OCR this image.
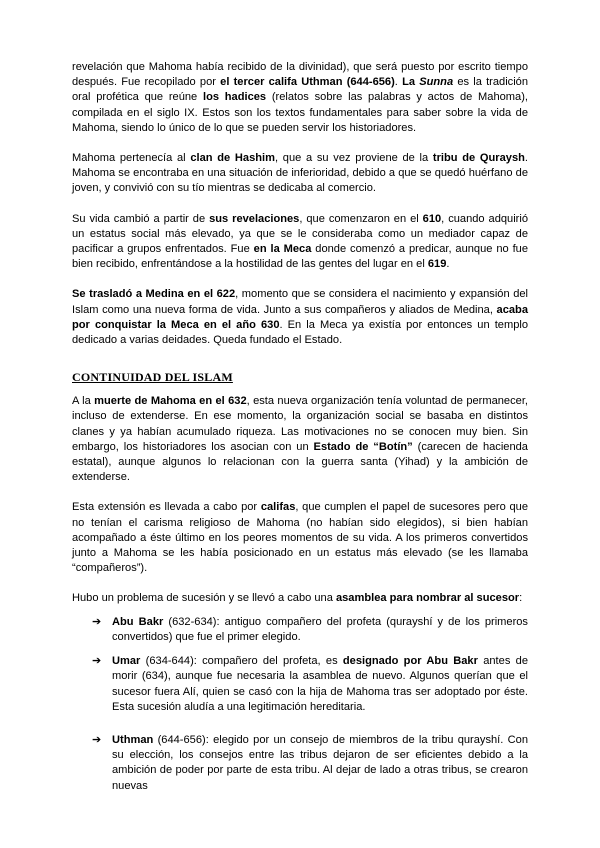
revelación que Mahoma había recibido de la divinidad), que será puesto por escrito tiempo después. Fue recopilado por el tercer califa Uthman (644-656). La Sunna es la tradición oral profética que reúne los hadices (relatos sobre las palabras y actos de Mahoma), compilada en el siglo IX. Estos son los textos fundamentales para saber sobre la vida de Mahoma, siendo lo único de lo que se pueden servir los historiadores.

Mahoma pertenecía al clan de Hashim, que a su vez proviene de la tribu de Quraysh. Mahoma se encontraba en una situación de inferioridad, debido a que se quedó huérfano de joven, y convivió con su tío mientras se dedicaba al comercio.

Su vida cambió a partir de sus revelaciones, que comenzaron en el 610, cuando adquirió un estatus social más elevado, ya que se le consideraba como un mediador capaz de pacificar a grupos enfrentados. Fue en la Meca donde comenzó a predicar, aunque no fue bien recibido, enfrentándose a la hostilidad de las gentes del lugar en el 619.

Se trasladó a Medina en el 622, momento que se considera el nacimiento y expansión del Islam como una nueva forma de vida. Junto a sus compañeros y aliados de Medina, acaba por conquistar la Meca en el año 630. En la Meca ya existía por entonces un templo dedicado a varias deidades. Queda fundado el Estado.

CONTINUIDAD DEL ISLAM

A la muerte de Mahoma en el 632, esta nueva organización tenía voluntad de permanecer, incluso de extenderse. En ese momento, la organización social se basaba en distintos clanes y ya habían acumulado riqueza. Las motivaciones no se conocen muy bien. Sin embargo, los historiadores los asocian con un Estado de “Botín” (carecen de hacienda estatal), aunque algunos lo relacionan con la guerra santa (Yihad) y la ambición de extenderse.

Esta extensión es llevada a cabo por califas, que cumplen el papel de sucesores pero que no tenían el carisma religioso de Mahoma (no habían sido elegidos), si bien habían acompañado a éste último en los peores momentos de su vida. A los primeros convertidos junto a Mahoma se les había posicionado en un estatus más elevado (se les llamaba “compañeros”).

Hubo un problema de sucesión y se llevó a cabo una asamblea para nombrar al sucesor:

➔ Abu Bakr (632-634): antiguo compañero del profeta (qurayshí y de los primeros convertidos) que fue el primer elegido.
➔ Umar (634-644): compañero del profeta, es designado por Abu Bakr antes de morir (634), aunque fue necesaria la asamblea de nuevo. Algunos querían que el sucesor fuera Alí, quien se casó con la hija de Mahoma tras ser adoptado por éste. Esta sucesión aludía a una legitimación hereditaria.
➔ Uthman (644-656): elegido por un consejo de miembros de la tribu qurayshí. Con su elección, los consejos entre las tribus dejaron de ser eficientes debido a la ambición de poder por parte de esta tribu. Al dejar de lado a otras tribus, se crearon nuevas
